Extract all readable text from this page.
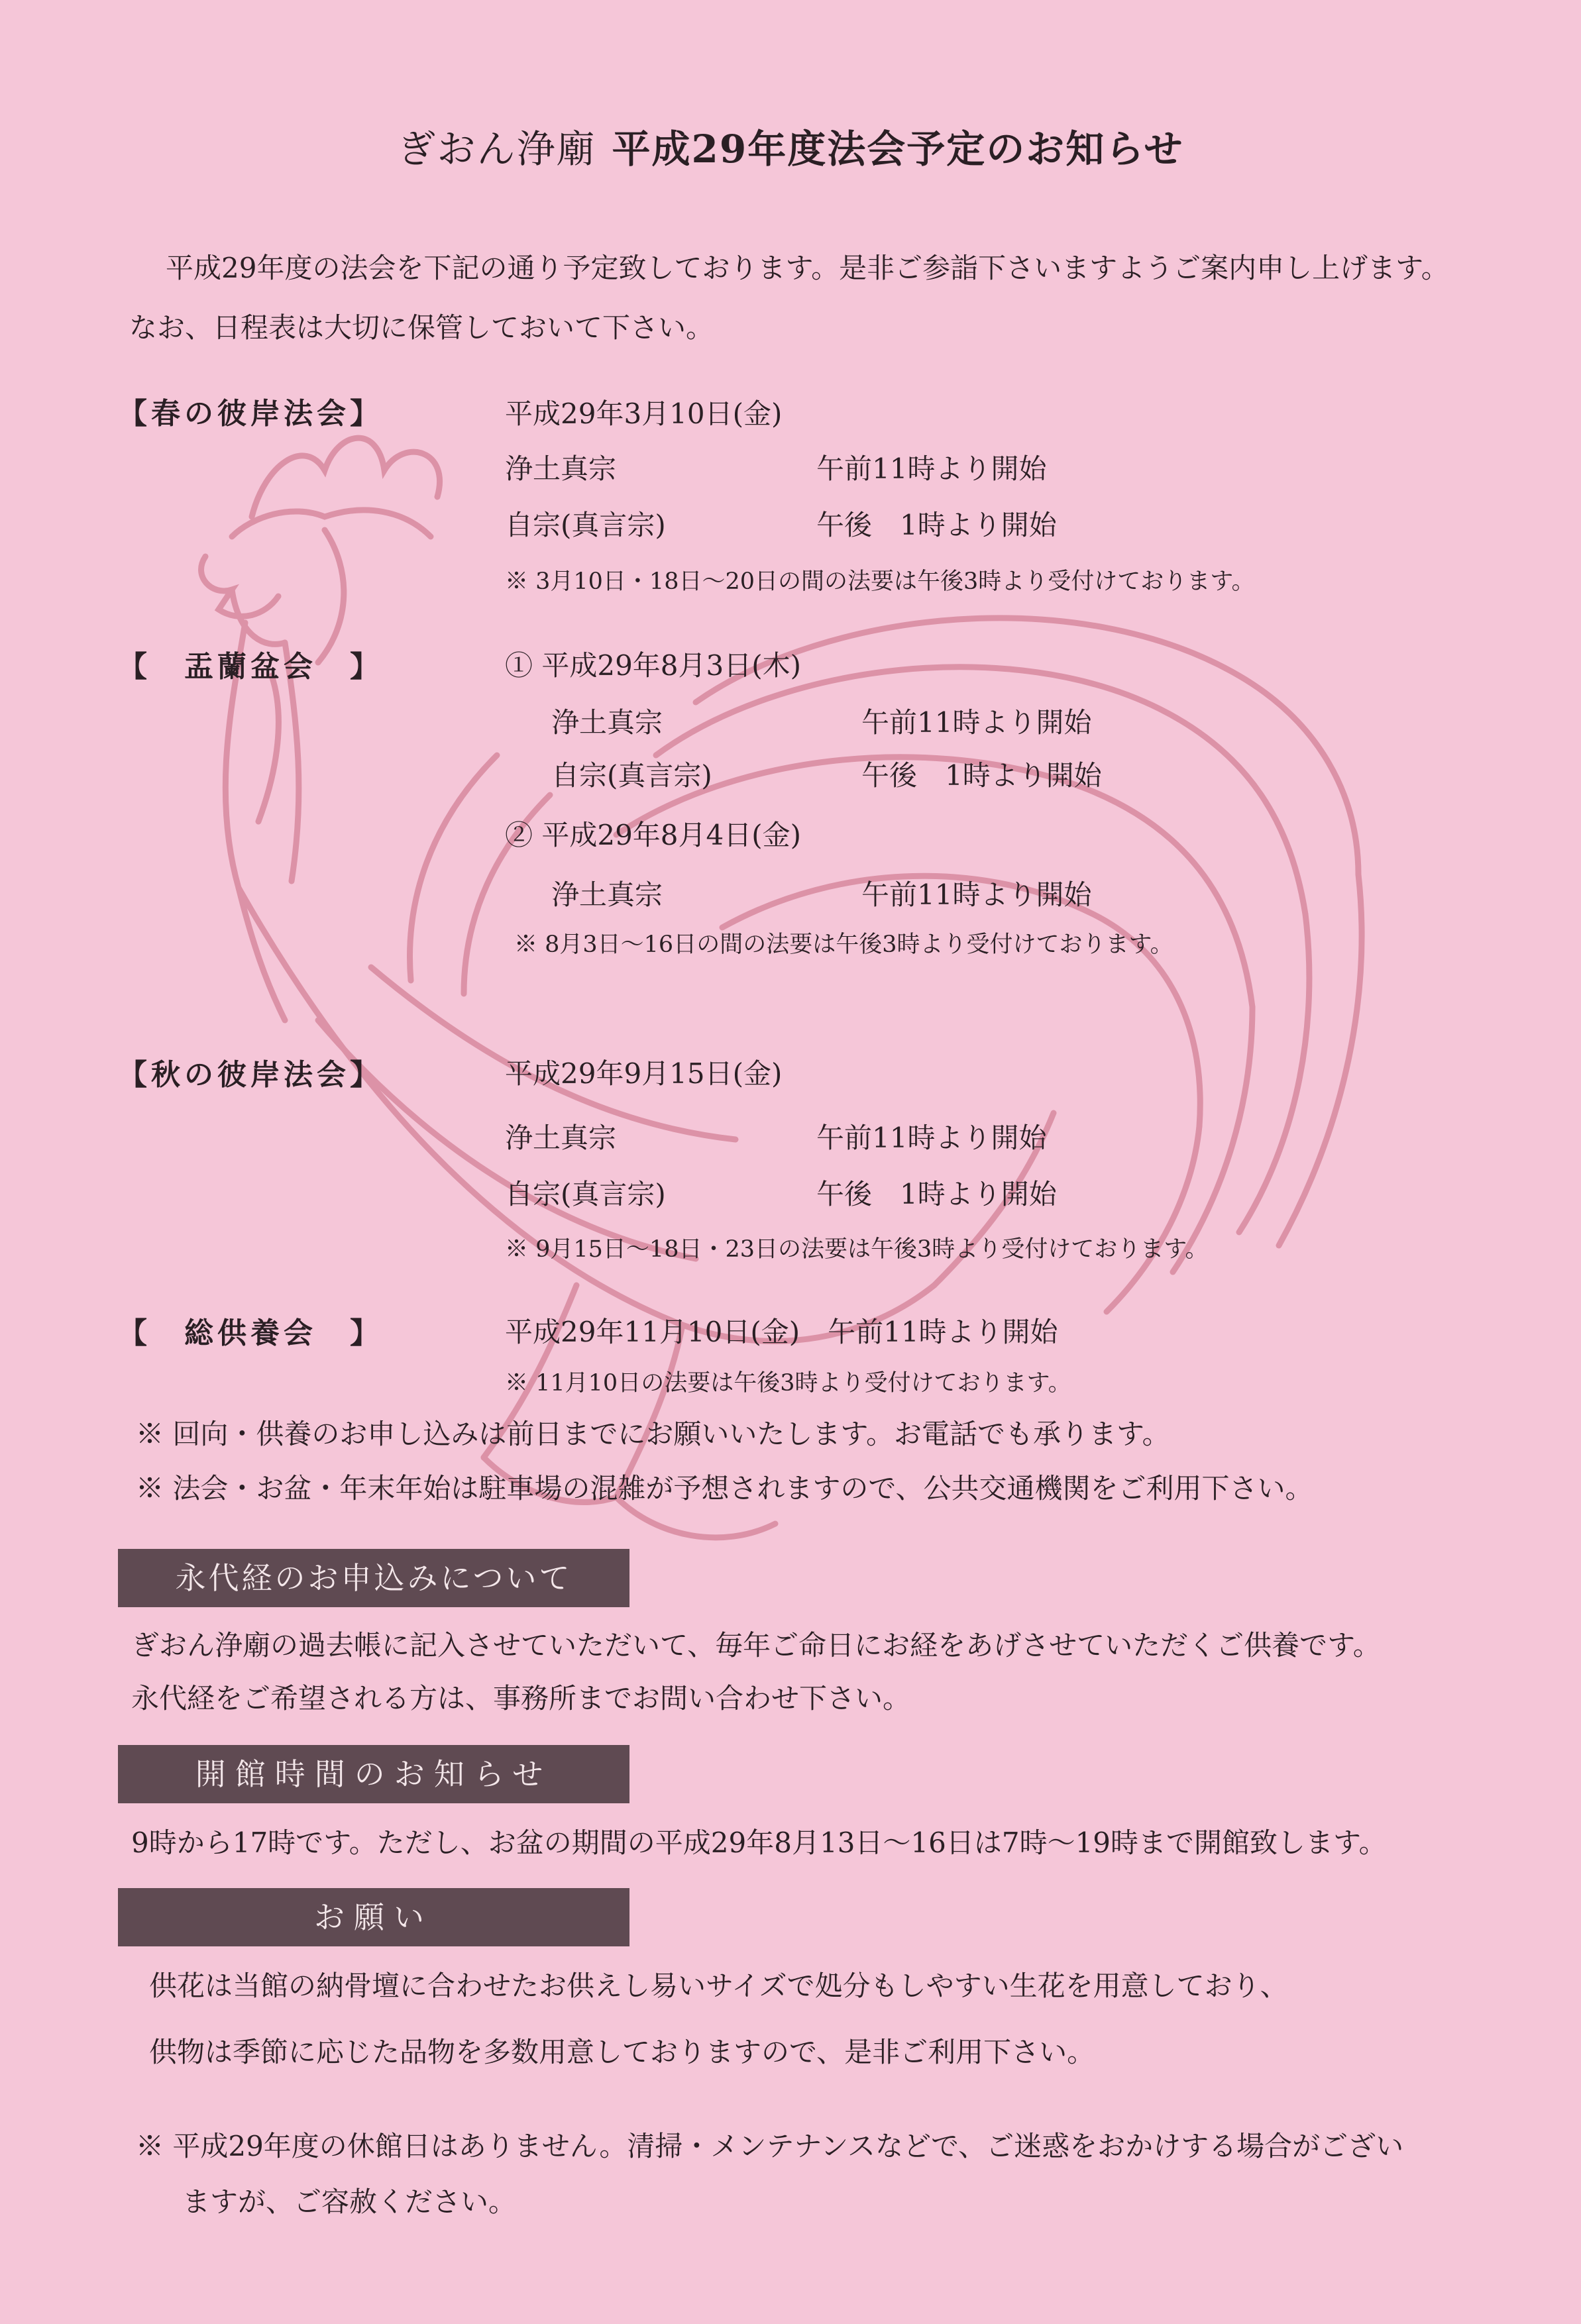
ぎおん浄廟 平成29年度法会予定のお知らせ
平成29年度の法会を下記の通り予定致しております。是非ご参詣下さいますようご案内申し上げます。
なお、日程表は大切に保管しておいて下さい。
【春の彼岸法会】	平成29年3月10日(金)
浄土真宗	午前11時より開始
自宗(真言宗)	午後　1時より開始
※ 3月10日・18日～20日の間の法要は午後3時より受付けております。
【　盂蘭盆会　】	① 平成29年8月3日(木)
浄土真宗	午前11時より開始
自宗(真言宗)	午後　1時より開始
② 平成29年8月4日(金)
浄土真宗	午前11時より開始
※ 8月3日～16日の間の法要は午後3時より受付けております。
【秋の彼岸法会】	平成29年9月15日(金)
浄土真宗	午前11時より開始
自宗(真言宗)	午後　1時より開始
※ 9月15日～18日・23日の法要は午後3時より受付けております。
【　総供養会　】	平成29年11月10日(金)　午前11時より開始
※ 11月10日の法要は午後3時より受付けております。
※ 回向・供養のお申し込みは前日までにお願いいたします。お電話でも承ります。
※ 法会・お盆・年末年始は駐車場の混雑が予想されますので、公共交通機関をご利用下さい。
永代経のお申込みについて
ぎおん浄廟の過去帳に記入させていただいて、毎年ご命日にお経をあげさせていただくご供養です。
永代経をご希望される方は、事務所までお問い合わせ下さい。
開館時間のお知らせ
9時から17時です。ただし、お盆の期間の平成29年8月13日～16日は7時～19時まで開館致します。
お願い
供花は当館の納骨壇に合わせたお供えし易いサイズで処分もしやすい生花を用意しており、
供物は季節に応じた品物を多数用意しておりますので、是非ご利用下さい。
※ 平成29年度の休館日はありません。清掃・メンテナンスなどで、ご迷惑をおかけする場合がござい
ますが、ご容赦ください。
